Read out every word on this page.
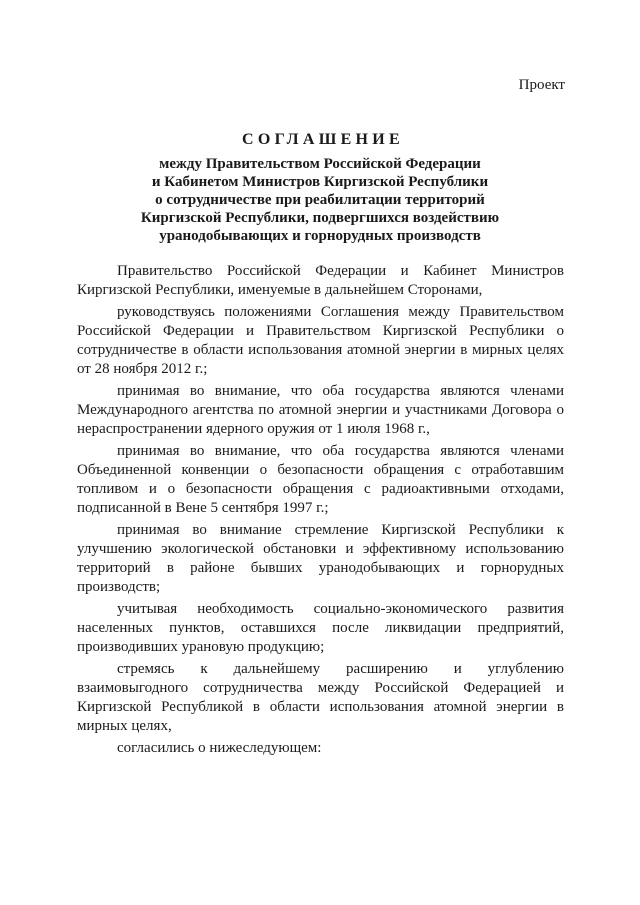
Проект
СОГЛАШЕНИЕ
между Правительством Российской Федерации
и Кабинетом Министров Киргизской Республики
о сотрудничестве при реабилитации территорий
Киргизской Республики, подвергшихся воздействию
уранодобывающих и горнорудных производств

Правительство Российской Федерации и Кабинет Министров Киргизской Республики, именуемые в дальнейшем Сторонами,

руководствуясь положениями Соглашения между Правительством Российской Федерации и Правительством Киргизской Республики о сотрудничестве в области использования атомной энергии в мирных целях от 28 ноября 2012 г.;

принимая во внимание, что оба государства являются членами Международного агентства по атомной энергии и участниками Договора о нераспространении ядерного оружия от 1 июля 1968 г.,

принимая во внимание, что оба государства являются членами Объединенной конвенции о безопасности обращения с отработавшим топливом и о безопасности обращения с радиоактивными отходами, подписанной в Вене 5 сентября 1997 г.;

принимая во внимание стремление Киргизской Республики к улучшению экологической обстановки и эффективному использованию территорий в районе бывших уранодобывающих и горнорудных производств;

учитывая необходимость социально-экономического развития населенных пунктов, оставшихся после ликвидации предприятий, производивших урановую продукцию;

стремясь к дальнейшему расширению и углублению взаимовыгодного сотрудничества между Российской Федерацией и Киргизской Республикой в области использования атомной энергии в мирных целях,

согласились о нижеследующем:
